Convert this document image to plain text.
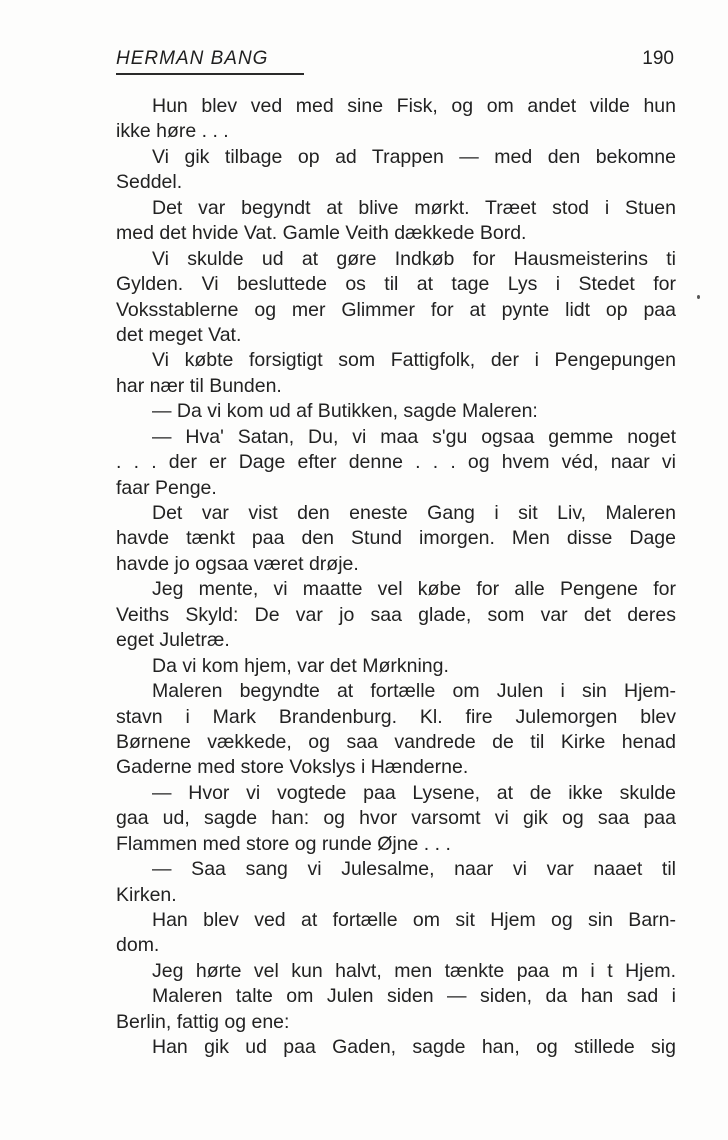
HERMAN BANG	190
Hun blev ved med sine Fisk, og om andet vilde hun
ikke høre . . .
Vi gik tilbage op ad Trappen — med den bekomne
Seddel.
Det var begyndt at blive mørkt. Træet stod i Stuen
med det hvide Vat. Gamle Veith dækkede Bord.
Vi skulde ud at gøre Indkøb for Hausmeisterins ti
Gylden. Vi besluttede os til at tage Lys i Stedet for
Voksstablerne og mer Glimmer for at pynte lidt op paa
det meget Vat.
Vi købte forsigtigt som Fattigfolk, der i Pengepungen
har nær til Bunden.
— Da vi kom ud af Butikken, sagde Maleren:
— Hva' Satan, Du, vi maa s'gu ogsaa gemme noget
. . . der er Dage efter denne . . . og hvem véd, naar vi
faar Penge.
Det var vist den eneste Gang i sit Liv, Maleren
havde tænkt paa den Stund imorgen. Men disse Dage
havde jo ogsaa været drøje.
Jeg mente, vi maatte vel købe for alle Pengene for
Veiths Skyld: De var jo saa glade, som var det deres
eget Juletræ.
Da vi kom hjem, var det Mørkning.
Maleren begyndte at fortælle om Julen i sin Hjem-
stavn i Mark Brandenburg. Kl. fire Julemorgen blev
Børnene vækkede, og saa vandrede de til Kirke henad
Gaderne med store Vokslys i Hænderne.
— Hvor vi vogtede paa Lysene, at de ikke skulde
gaa ud, sagde han: og hvor varsomt vi gik og saa paa
Flammen med store og runde Øjne . . .
— Saa sang vi Julesalme, naar vi var naaet til
Kirken.
Han blev ved at fortælle om sit Hjem og sin Barn-
dom.
Jeg hørte vel kun halvt, men tænkte paa m i t Hjem.
Maleren talte om Julen siden — siden, da han sad i
Berlin, fattig og ene:
Han gik ud paa Gaden, sagde han, og stillede sig
